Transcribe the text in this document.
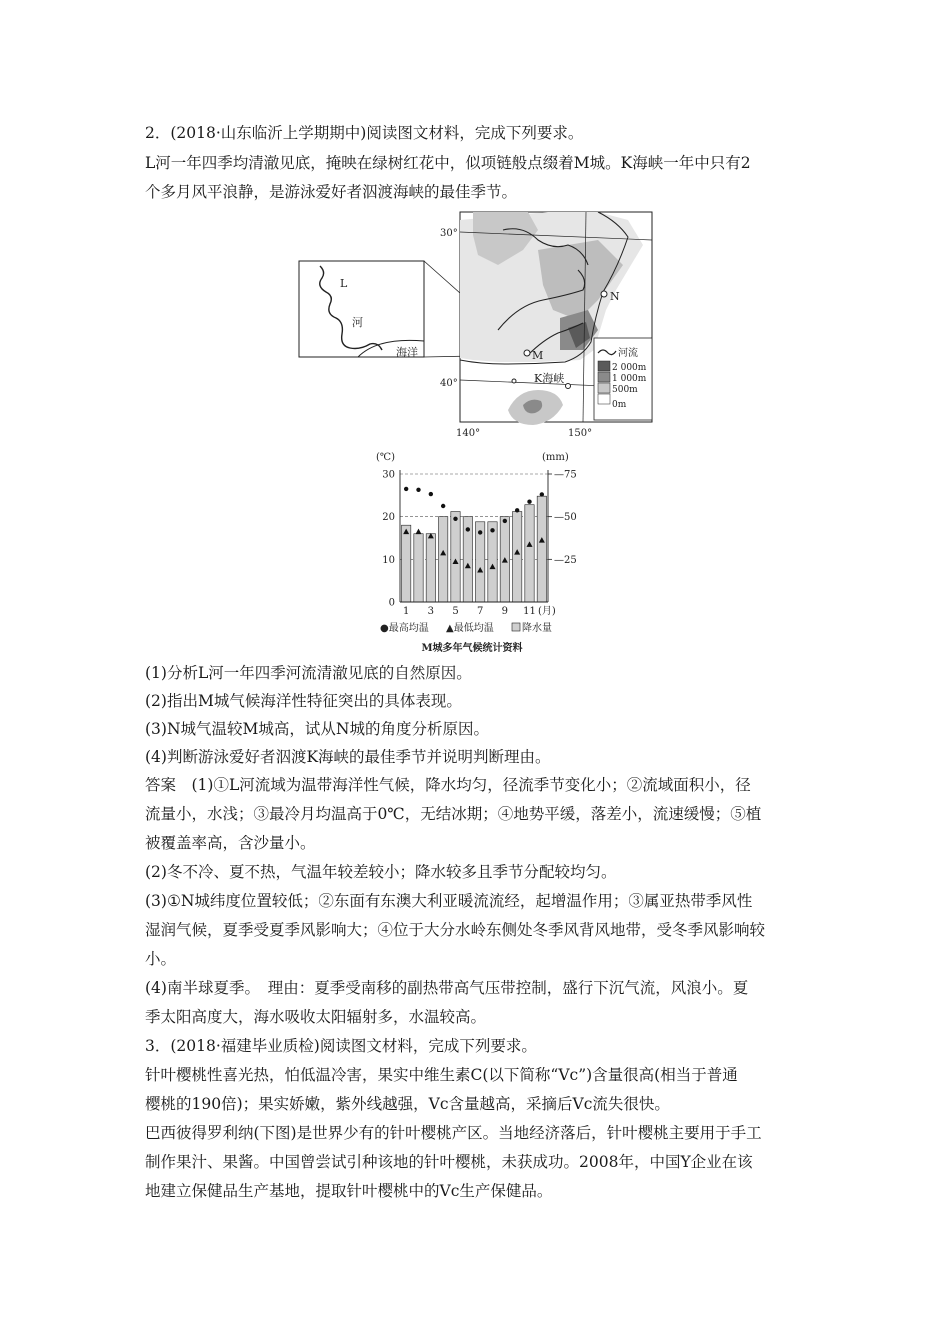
2．(2018·山东临沂上学期期中)阅读图文材料，完成下列要求。
L河一年四季均清澈见底，掩映在绿树红花中，似项链般点缀着M城。K海峡一年中只有2
个多月风平浪静，是游泳爱好者泅渡海峡的最佳季节。
L
河
海洋
N
M
K海峡
30°
40°
140°	150°
河流
2 000m
1 000m
500m
0m
0
10
20
30
—25
—50
—75
1 3 5 7 9 11
(℃)	(mm)
(月)
●最高均温 ▲最低均温	降水量
M城多年气候统计资料
(1)分析L河一年四季河流清澈见底的自然原因。
(2)指出M城气候海洋性特征突出的具体表现。
(3)N城气温较M城高，试从N城的角度分析原因。
(4)判断游泳爱好者泅渡K海峡的最佳季节并说明判断理由。
答案　(1)①L河流域为温带海洋性气候，降水均匀，径流季节变化小；②流域面积小，径
流量小，水浅；③最冷月均温高于0℃，无结冰期；④地势平缓，落差小，流速缓慢；⑤植
被覆盖率高，含沙量小。
(2)冬不冷、夏不热，气温年较差较小；降水较多且季节分配较均匀。
(3)①N城纬度位置较低；②东面有东澳大利亚暖流流经，起增温作用；③属亚热带季风性
湿润气候，夏季受夏季风影响大；④位于大分水岭东侧处冬季风背风地带，受冬季风影响较
小。
(4)南半球夏季。　理由：夏季受南移的副热带高气压带控制，盛行下沉气流，风浪小。夏
季太阳高度大，海水吸收太阳辐射多，水温较高。
3．(2018·福建毕业质检)阅读图文材料，完成下列要求。
针叶樱桃性喜光热，怕低温冷害，果实中维生素C(以下简称“Vc”)含量很高(相当于普通
樱桃的190倍)；果实娇嫩，紫外线越强，Vc含量越高，采摘后Vc流失很快。
巴西彼得罗利纳(下图)是世界少有的针叶樱桃产区。当地经济落后，针叶樱桃主要用于手工
制作果汁、果酱。中国曾尝试引种该地的针叶樱桃，未获成功。2008年，中国Y企业在该
地建立保健品生产基地，提取针叶樱桃中的Vc生产保健品。
